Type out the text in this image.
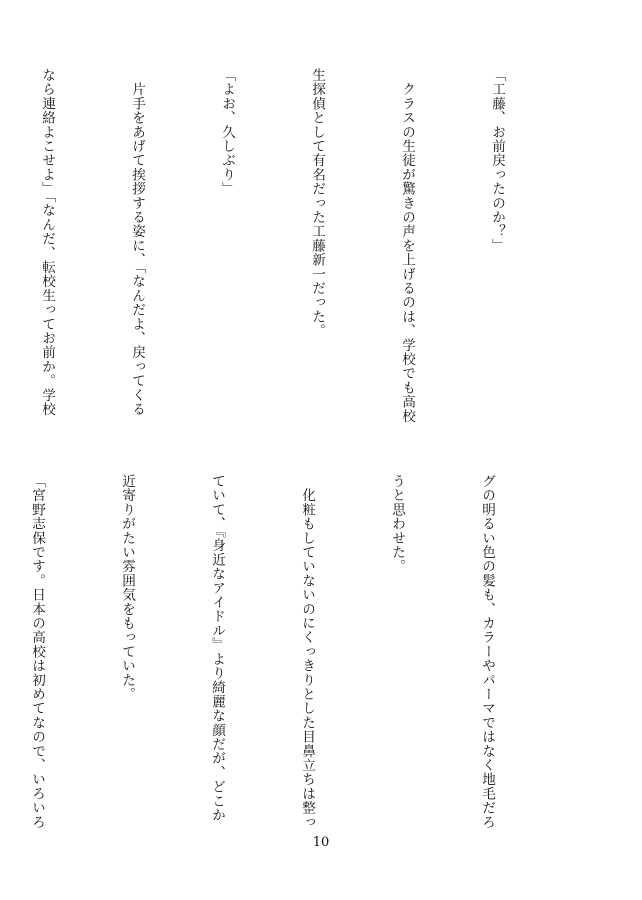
「工藤、お前戻ったのか？」

　クラスの生徒が驚きの声を上げるのは、学校でも高校

生探偵として有名だった工藤新一だった。

「よお、久しぶり」

　片手をあげて挨拶する姿に、「なんだよ、戻ってくる

なら連絡よこせよ」「なんだ、転校生ってお前か。学校

グの明るい色の髪も、カラーやパーマではなく地毛だろ

うと思わせた。

　化粧もしていないのにくっきりとした目鼻立ちは整っ

ていて、『身近なアイドル』より綺麗な顔だが、どこか

近寄りがたい雰囲気をもっていた。

「宮野志保です。日本の高校は初めてなので、いろいろ

10
